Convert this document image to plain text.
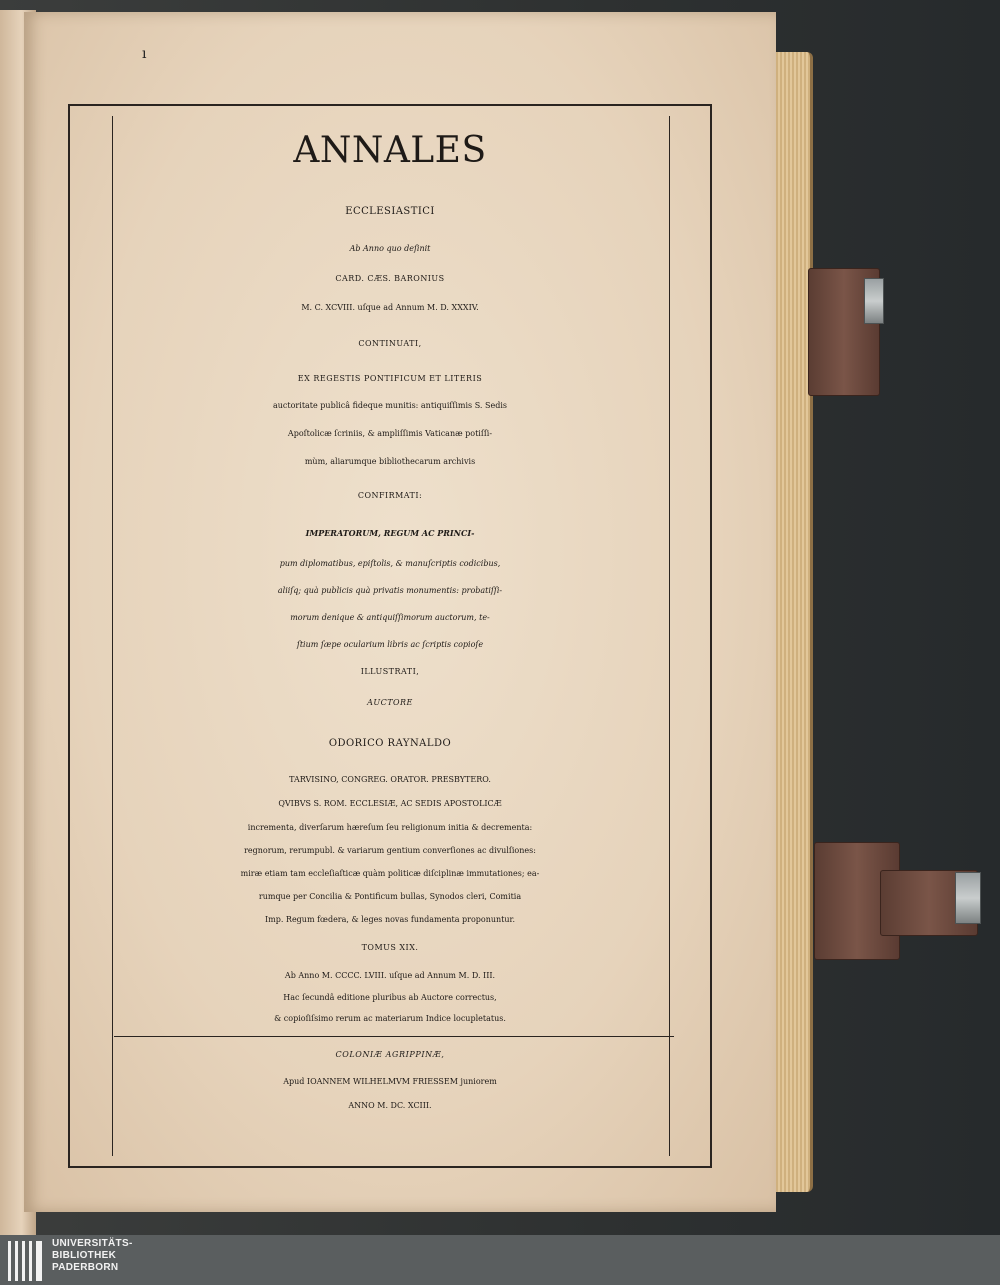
ı
ANNALES
ECCLESIASTICI
Ab Anno quo deſinit
CARD. CÆS. BARONIUS
M. C. XCVIII. uſque ad Annum M. D. XXXIV.
CONTINUATI,
EX REGESTIS PONTIFICUM ET LITERIS
auctoritate publicâ fideque munitis: antiquiſſimis S. Sedis
Apoſtolicæ ſcriniis, & ampliſſimis Vaticanæ potiſſi-
mùm, aliarumque bibliothecarum archivis
CONFIRMATI:
IMPERATORUM, REGUM AC PRINCI-
pum diplomatibus, epiſtolis, & manuſcriptis codicibus,
aliiſq; quà publicis quà privatis monumentis: probatiſſi-
morum denique & antiquiſſimorum auctorum, te-
ſtium ſæpe ocularium libris ac ſcriptis copioſe
ILLUSTRATI,
AUCTORE
ODORICO RAYNALDO
TARVISINO, CONGREG. ORATOR. PRESBYTERO.
QVIBVS S. ROM. ECCLESIÆ, AC SEDIS APOSTOLICÆ
incrementa, diverſarum hæreſum ſeu religionum initia & decrementa:
regnorum, rerumpubl. & variarum gentium converſiones ac divulſiones:
miræ etiam tam eccleſiaſticæ quàm politicæ diſciplinæ immutationes; ea-
rumque per Concilia & Pontificum bullas, Synodos cleri, Comitia
Imp. Regum fœdera, & leges novas fundamenta proponuntur.
TOMUS XIX.
Ab Anno M. CCCC. LVIII. uſque ad Annum M. D. III.
Hac ſecundâ editione pluribus ab Auctore correctus,
& copioſiſsimo rerum ac materiarum Indice locupletatus.
COLONIÆ AGRIPPINÆ,
Apud IOANNEM WILHELMVM FRIESSEM juniorem
ANNO M. DC. XCIII.
UNIVERSITÄTS-
BIBLIOTHEK
PADERBORN
